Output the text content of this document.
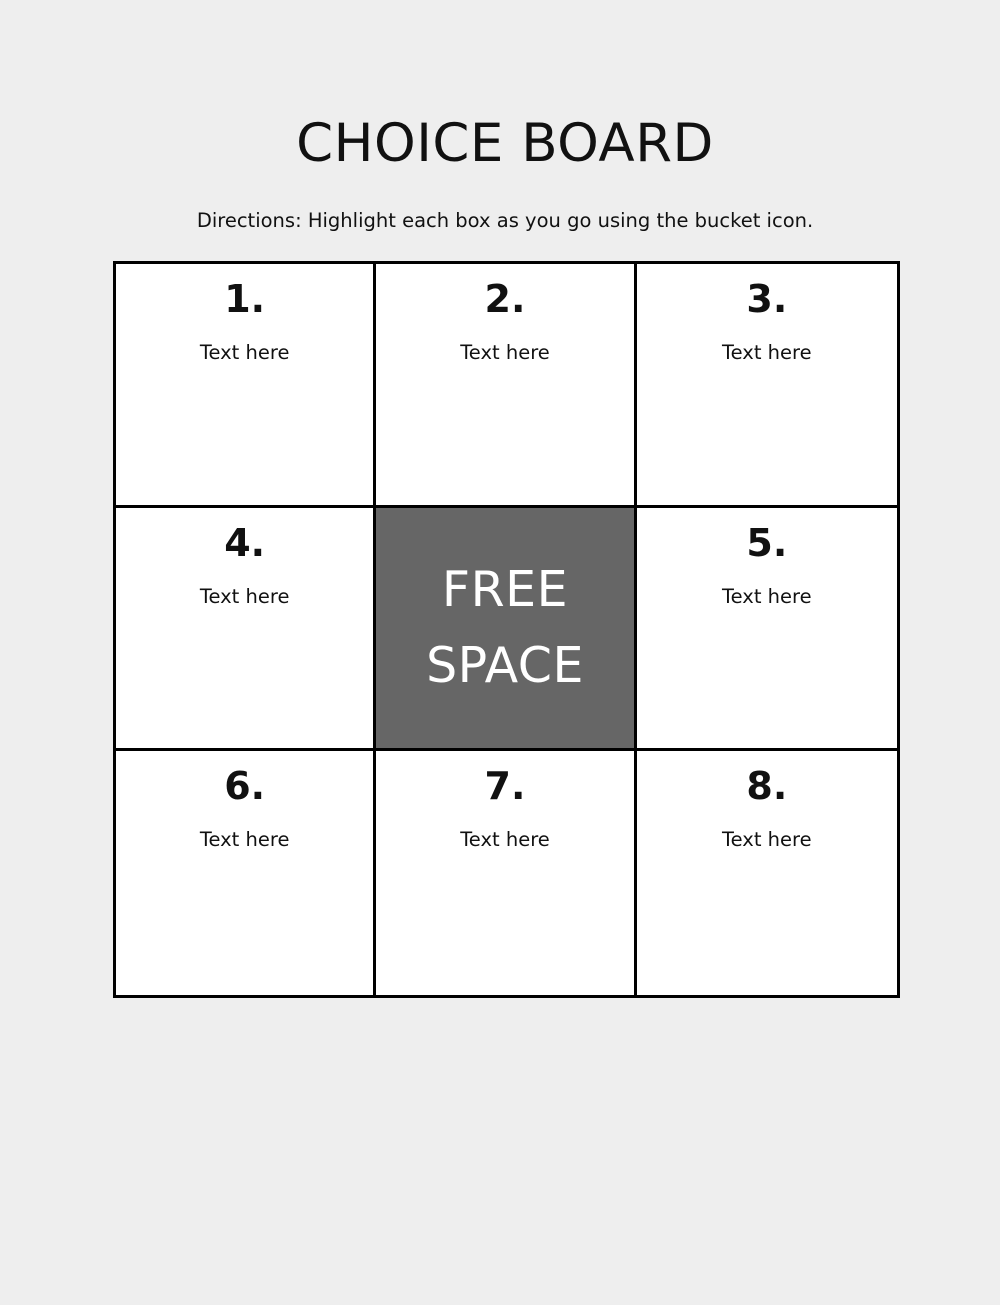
CHOICE BOARD
Directions: Highlight each box as you go using the bucket icon.
1.
Text here
2.
Text here
3.
Text here
4.
Text here	FREE
SPACE
5.
Text here
6.
Text here
7.
Text here
8.
Text here
